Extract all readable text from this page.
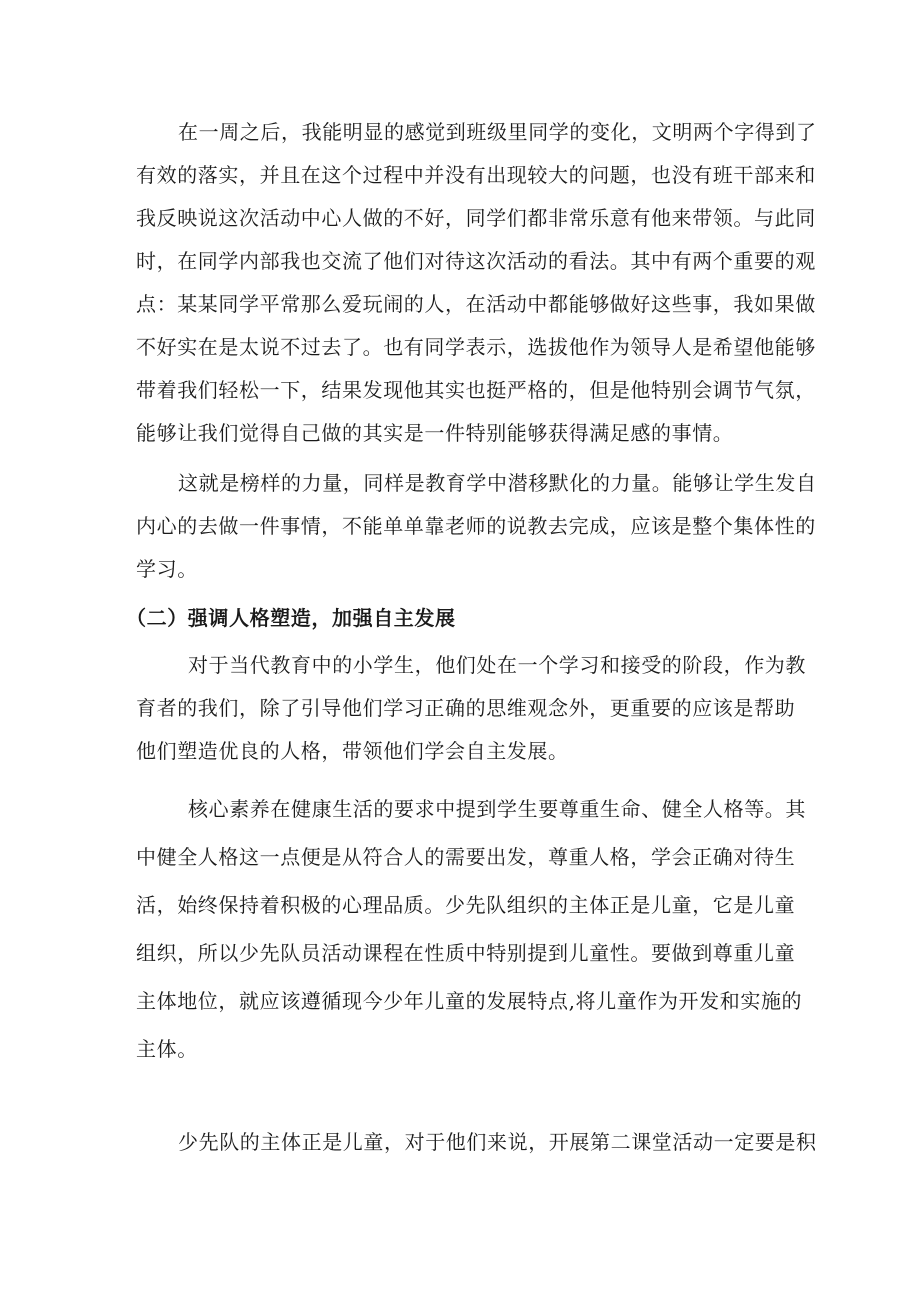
在一周之后，我能明显的感觉到班级里同学的变化，文明两个字得到了
有效的落实，并且在这个过程中并没有出现较大的问题，也没有班干部来和
我反映说这次活动中心人做的不好，同学们都非常乐意有他来带领。与此同
时，在同学内部我也交流了他们对待这次活动的看法。其中有两个重要的观
点：某某同学平常那么爱玩闹的人，在活动中都能够做好这些事，我如果做
不好实在是太说不过去了。也有同学表示，选拔他作为领导人是希望他能够
带着我们轻松一下，结果发现他其实也挺严格的，但是他特别会调节气氛，
能够让我们觉得自己做的其实是一件特别能够获得满足感的事情。
这就是榜样的力量，同样是教育学中潜移默化的力量。能够让学生发自
内心的去做一件事情，不能单单靠老师的说教去完成，应该是整个集体性的
学习。
（二）强调人格塑造，加强自主发展
对于当代教育中的小学生，他们处在一个学习和接受的阶段，作为教
育者的我们，除了引导他们学习正确的思维观念外，更重要的应该是帮助
他们塑造优良的人格，带领他们学会自主发展。
核心素养在健康生活的要求中提到学生要尊重生命、健全人格等。其
中健全人格这一点便是从符合人的需要出发，尊重人格，学会正确对待生
活，始终保持着积极的心理品质。少先队组织的主体正是儿童，它是儿童
组织，所以少先队员活动课程在性质中特别提到儿童性。要做到尊重儿童
主体地位，就应该遵循现今少年儿童的发展特点,将儿童作为开发和实施的
主体。
少先队的主体正是儿童，对于他们来说，开展第二课堂活动一定要是积
